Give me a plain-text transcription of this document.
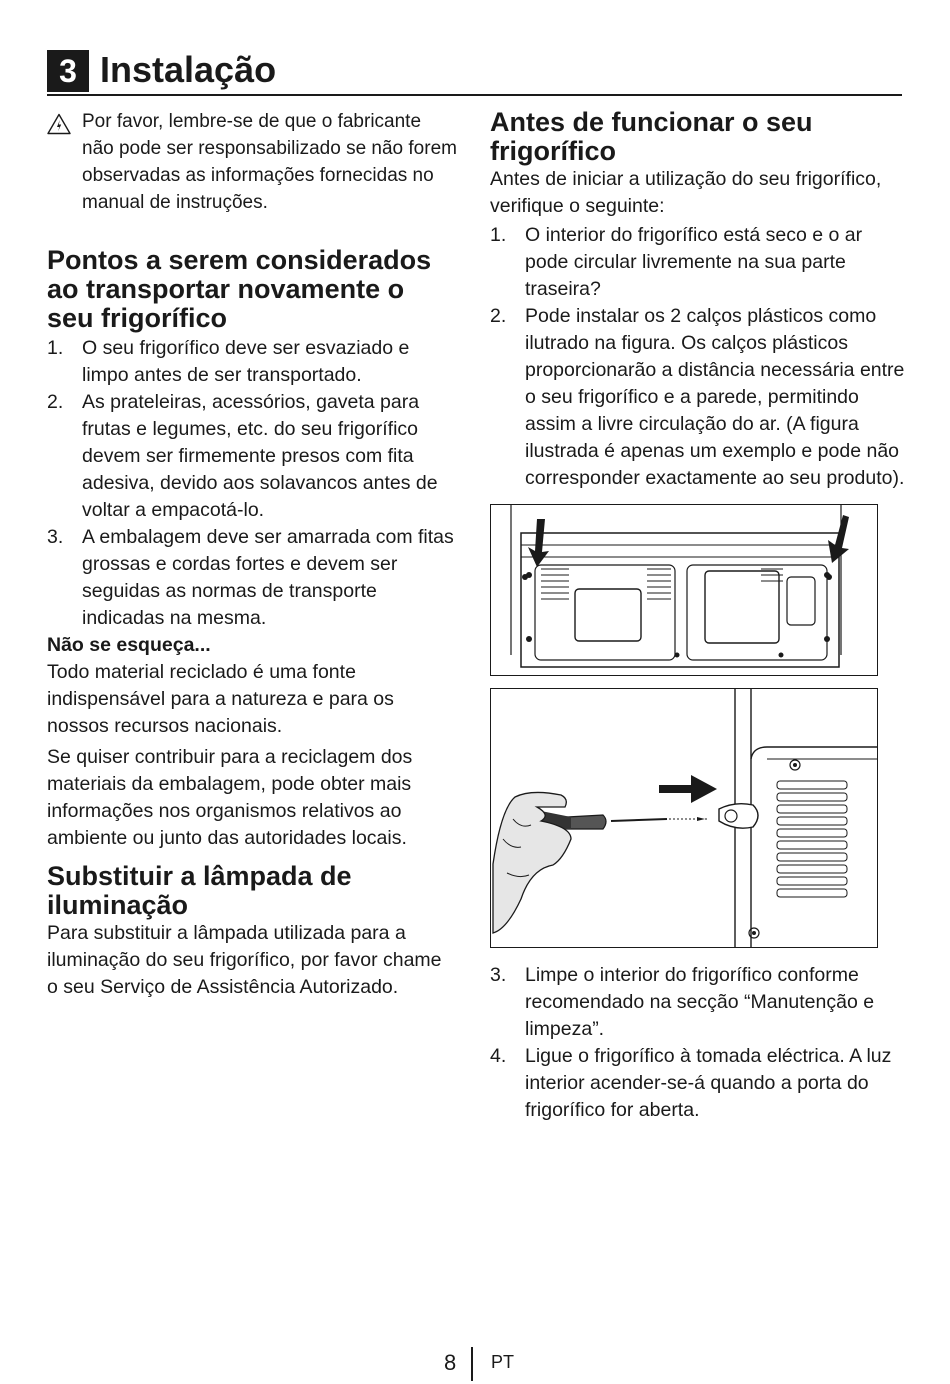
3 Instalação
Por favor, lembre-se de que o fabricante não pode ser responsabilizado se não forem observadas as informações fornecidas no manual de instruções.
Pontos a serem considerados ao transportar novamente o seu frigorífico
1. O seu frigorífico deve ser esvaziado e limpo antes de ser transportado.
2. As prateleiras, acessórios, gaveta para frutas e legumes, etc. do seu frigorífico devem ser firmemente presos com fita adesiva, devido aos solavancos antes de voltar a empacotá-lo.
3. A embalagem deve ser amarrada com fitas grossas e cordas fortes e devem ser seguidas as normas de transporte indicadas na mesma.
Não se esqueça...

Todo material reciclado é uma fonte indispensável para a natureza e para os nossos recursos nacionais.

Se quiser contribuir para a reciclagem dos materiais da embalagem, pode obter mais informações nos organismos relativos ao ambiente ou junto das autoridades locais.

Substituir a lâmpada de iluminação

Para substituir a lâmpada utilizada para a iluminação do seu frigorífico, por favor chame o seu Serviço de Assistência Autorizado.

Antes de funcionar o seu frigorífico

Antes de iniciar a utilização do seu frigorífico, verifique o seguinte:

1. O interior do frigorífico está seco e o ar pode circular livremente na sua parte traseira?
2. Pode instalar os 2 calços plásticos como ilutrado na figura. Os calços plásticos proporcionarão a distância necessária entre o seu frigorífico e a parede, permitindo assim a livre circulação do ar. (A figura ilustrada é apenas um exemplo e pode não corresponder exactamente ao seu produto).
3. Limpe o interior do frigorífico conforme recomendado na secção “Manutenção e limpeza”.
4. Ligue o frigorífico à tomada eléctrica. A luz interior acender-se-á quando a porta do frigorífico for aberta.
8 PT
